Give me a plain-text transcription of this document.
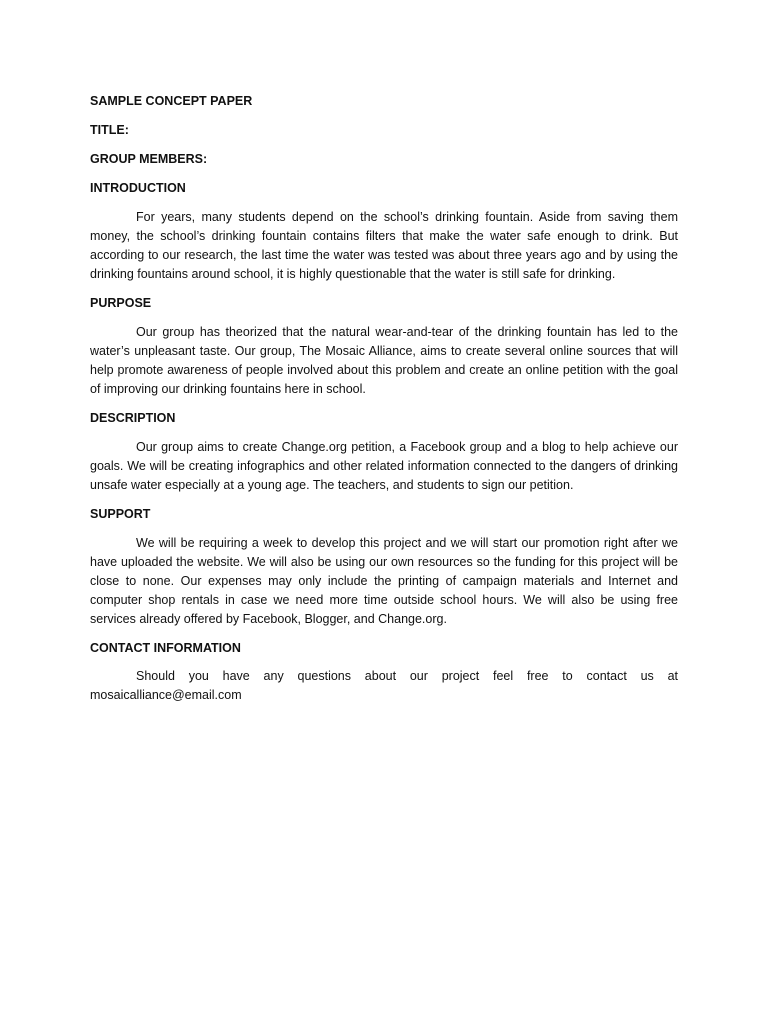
SAMPLE CONCEPT PAPER
TITLE:
GROUP MEMBERS:
INTRODUCTION
For years, many students depend on the school’s drinking fountain. Aside from saving them money, the school’s drinking fountain contains filters that make the water safe enough to drink. But according to our research, the last time the water was tested was about three years ago and by using the drinking fountains around school, it is highly questionable that the water is still safe for drinking.
PURPOSE
Our group has theorized that the natural wear-and-tear of the drinking fountain has led to the water’s unpleasant taste. Our group, The Mosaic Alliance, aims to create several online sources that will help promote awareness of people involved about this problem and create an online petition with the goal of improving our drinking fountains here in school.
DESCRIPTION
Our group aims to create Change.org petition, a Facebook group and a blog to help achieve our goals. We will be creating infographics and other related information connected to the dangers of drinking unsafe water especially at a young age. The teachers, and students to sign our petition.
SUPPORT
We will be requiring a week to develop this project and we will start our promotion right after we have uploaded the website. We will also be using our own resources so the funding for this project will be close to none. Our expenses may only include the printing of campaign materials and Internet and computer shop rentals in case we need more time outside school hours. We will also be using free services already offered by Facebook, Blogger, and Change.org.
CONTACT INFORMATION
Should you have any questions about our project feel free to contact us at mosaicalliance@email.com
